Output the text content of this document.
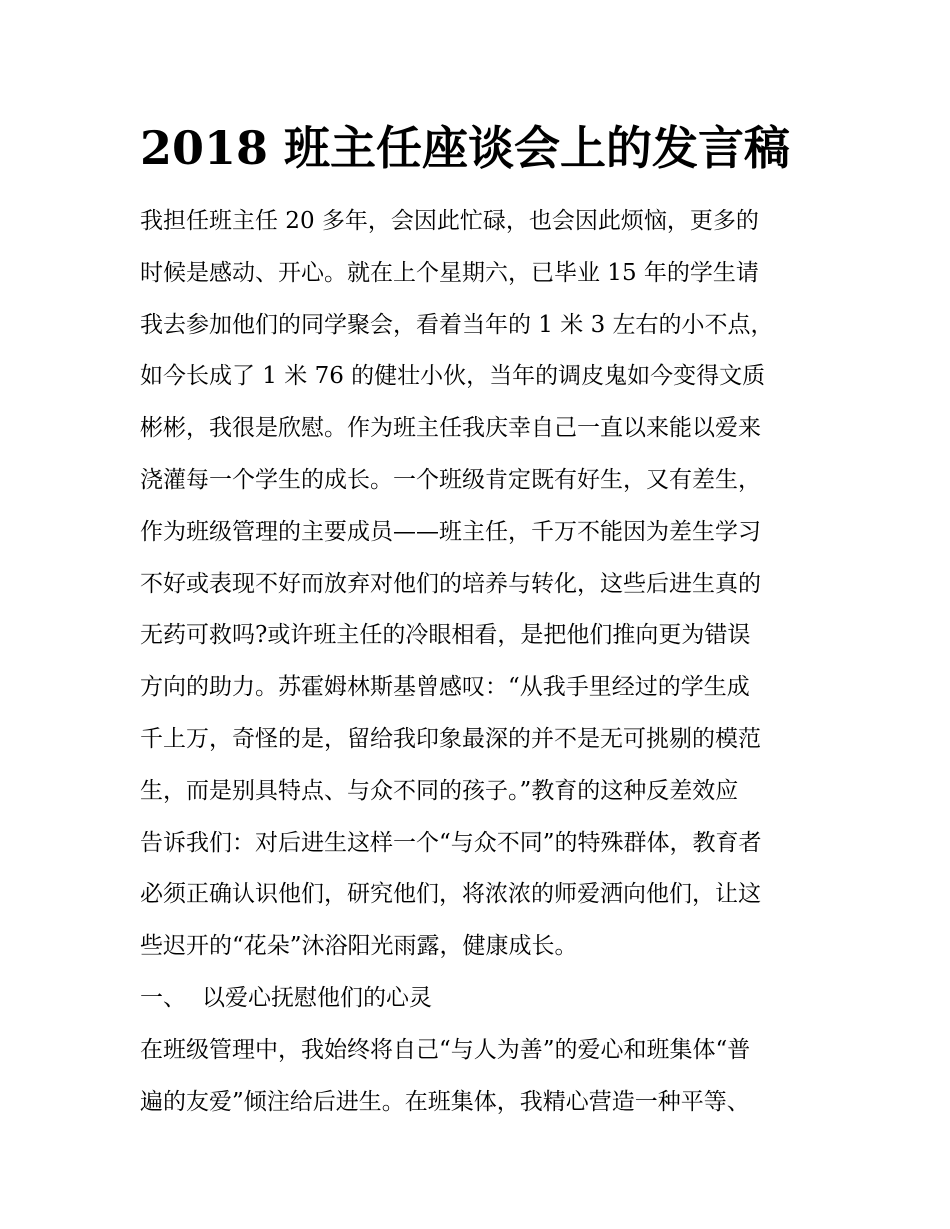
2018 班主任座谈会上的发言稿
我担任班主任 20 多年，会因此忙碌，也会因此烦恼，更多的
时候是感动、开心。就在上个星期六，已毕业 15 年的学生请
我去参加他们的同学聚会，看着当年的 1 米 3 左右的小不点，
如今长成了 1 米 76 的健壮小伙，当年的调皮鬼如今变得文质
彬彬，我很是欣慰。作为班主任我庆幸自己一直以来能以爱来
浇灌每一个学生的成长。一个班级肯定既有好生，又有差生，
作为班级管理的主要成员——班主任，千万不能因为差生学习
不好或表现不好而放弃对他们的培养与转化，这些后进生真的
无药可救吗?或许班主任的冷眼相看，是把他们推向更为错误
方向的助力。苏霍姆林斯基曾感叹：“从我手里经过的学生成
千上万，奇怪的是，留给我印象最深的并不是无可挑剔的模范
生，而是别具特点、与众不同的孩子。”教育的这种反差效应
告诉我们：对后进生这样一个“与众不同”的特殊群体，教育者
必须正确认识他们，研究他们，将浓浓的师爱洒向他们，让这
些迟开的“花朵”沐浴阳光雨露，健康成长。
一、 以爱心抚慰他们的心灵
在班级管理中，我始终将自己“与人为善”的爱心和班集体“普
遍的友爱”倾注给后进生。在班集体，我精心营造一种平等、
